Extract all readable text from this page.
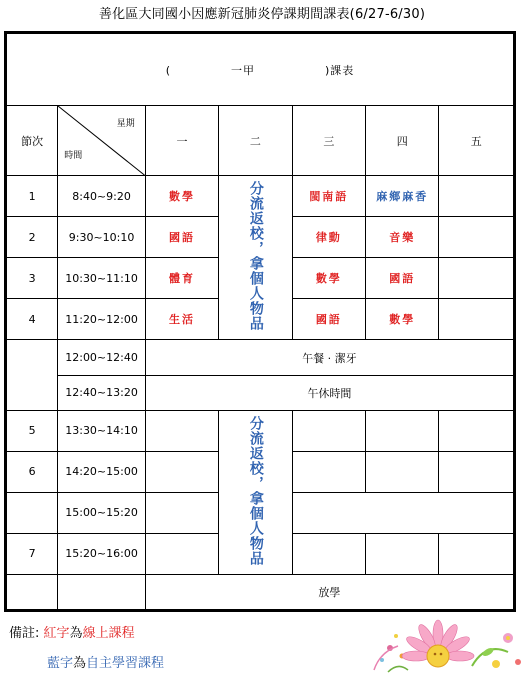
善化區大同國小因應新冠肺炎停課期間課表(6/27-6/30)
( 一甲 )課表						
節次	星期
時間	一	二	三	四	五
1	8:40~9:20	數學	分流返校，拿個人物品	閩南語	麻鄉麻香	
2	9:30~10:10	國語		律動	音樂	
3	10:30~11:10	體育		數學	國語	
4	11:20~12:00	生活		國語	數學	
	12:00~12:40	午餐 · 潔牙				
	12:40~13:20	午休時間				
5	13:30~14:10		分流返校，拿個人物品			
6	14:20~15:00					
	15:00~15:20					
7	15:20~16:00					
		放學				
備註: 紅字為線上課程
藍字為自主學習課程
